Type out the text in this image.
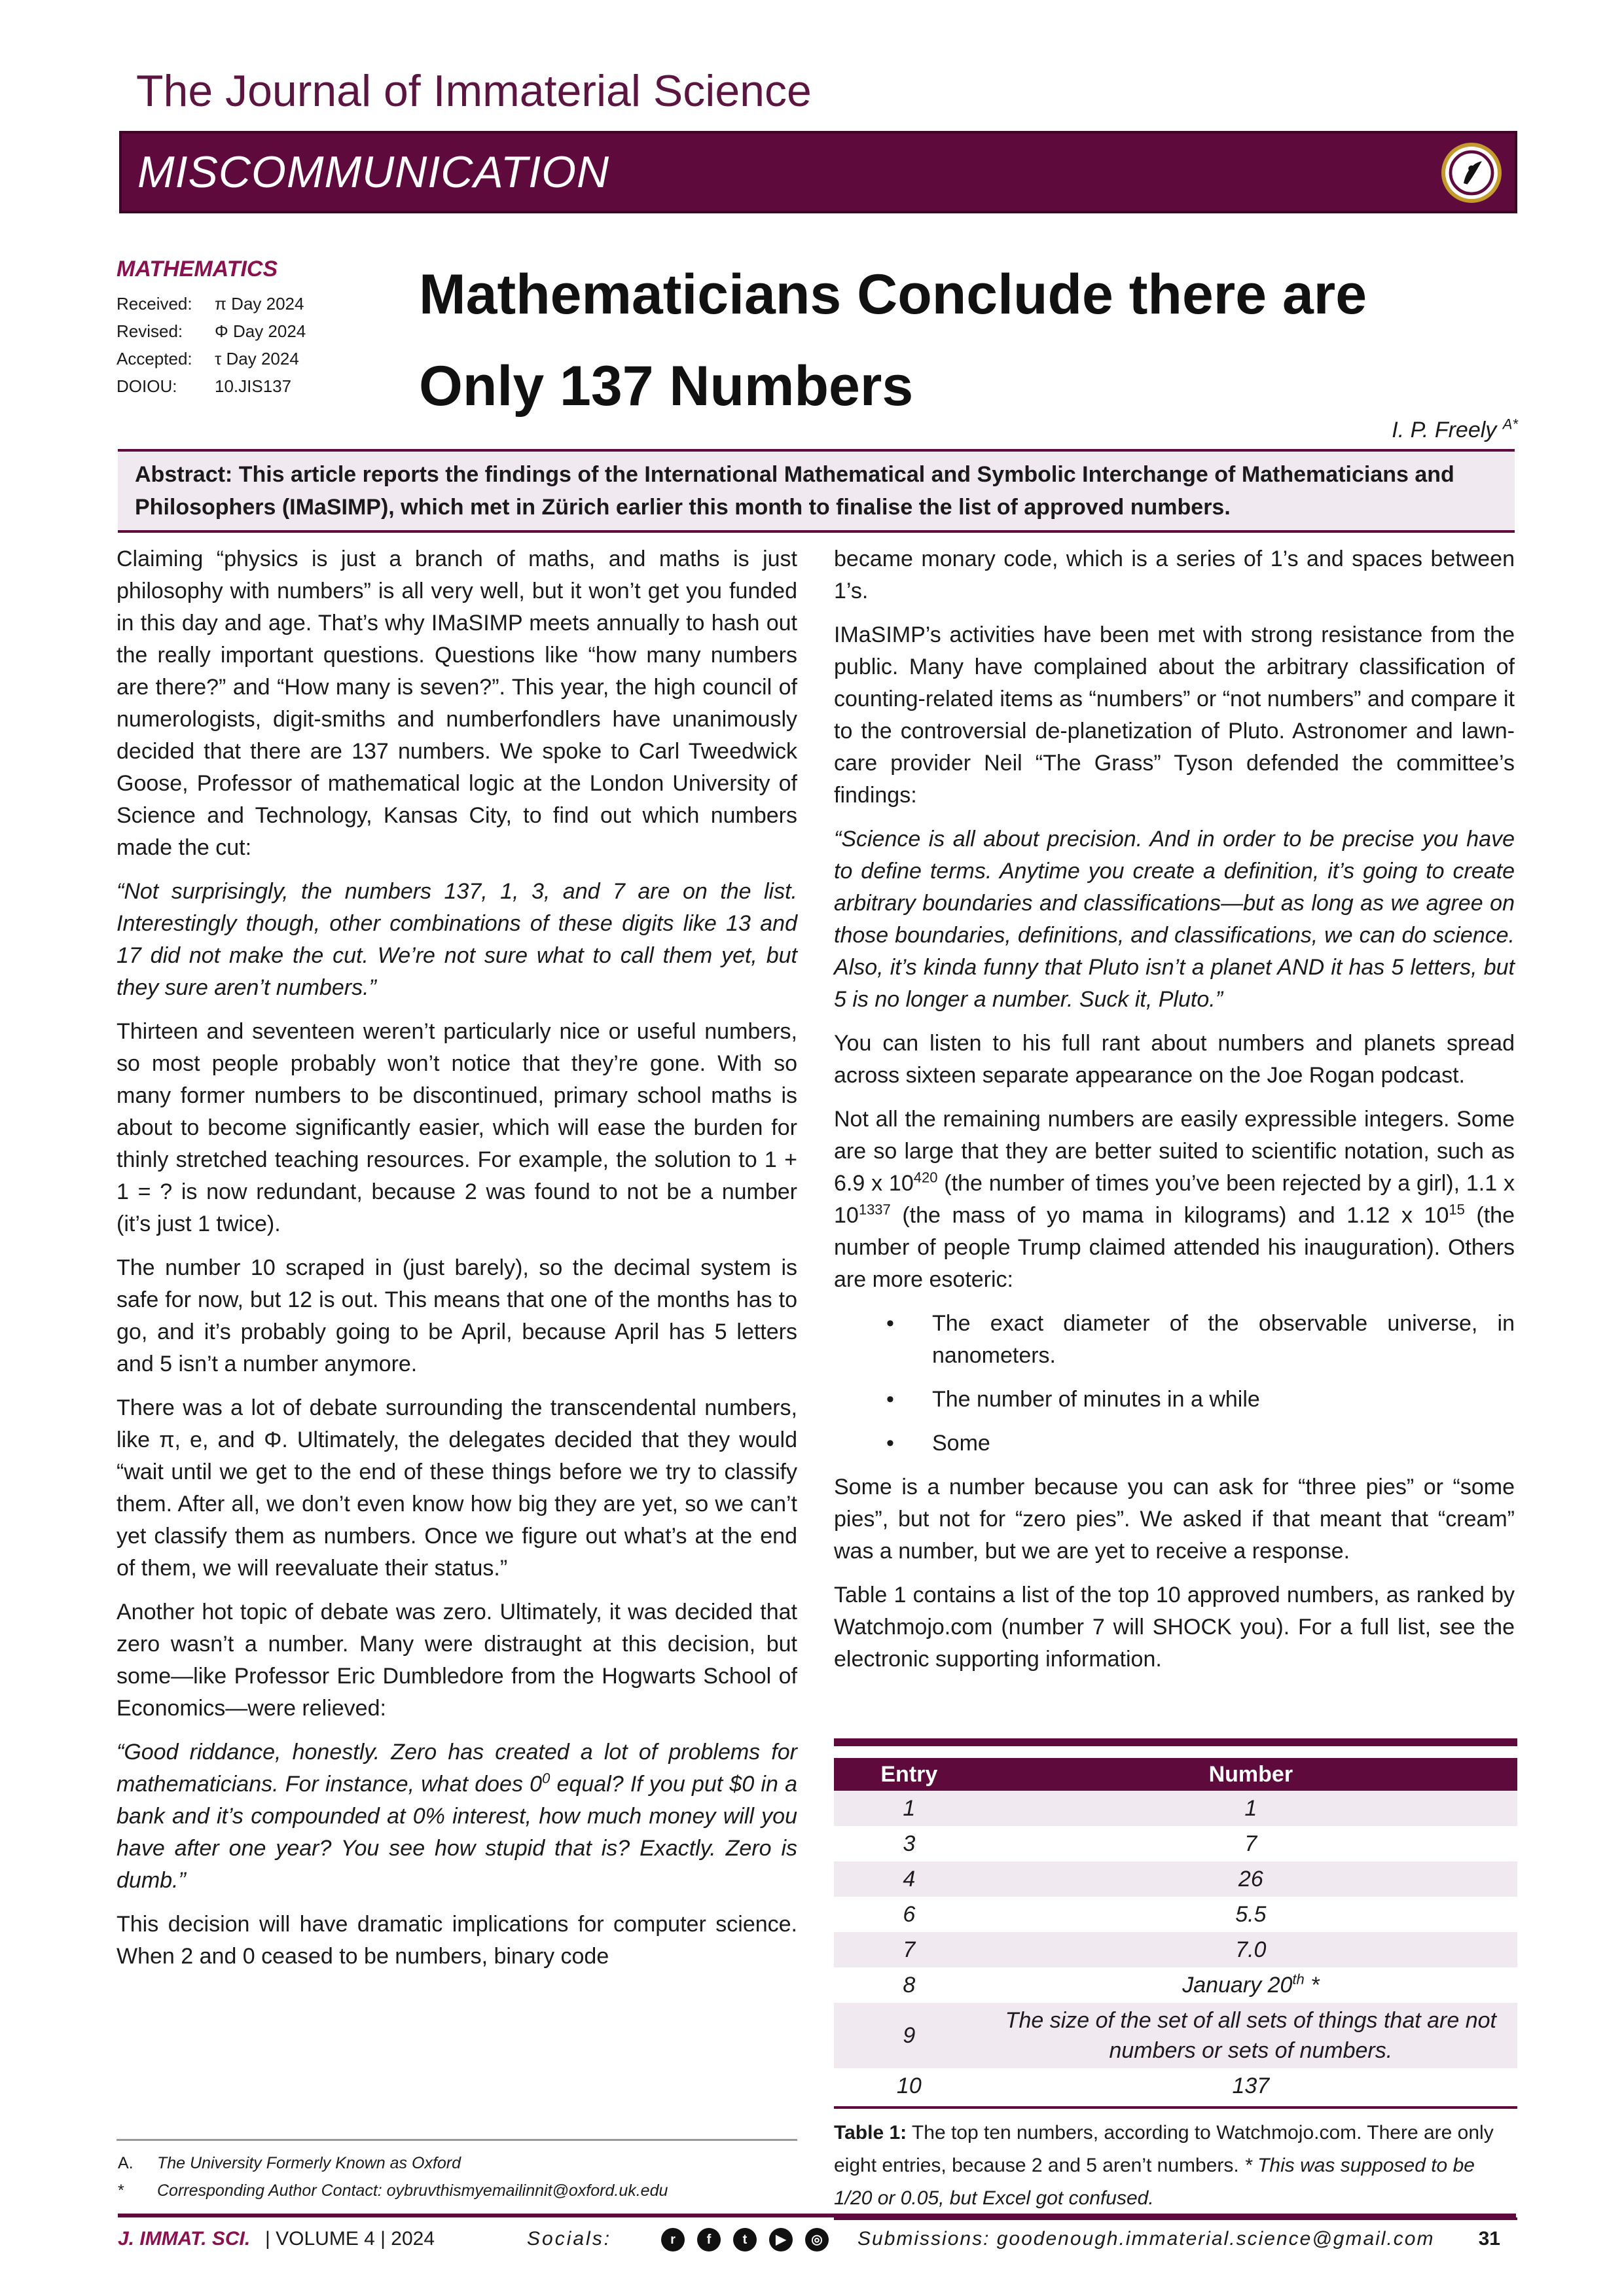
The Journal of Immaterial Science
MISCOMMUNICATION
MATHEMATICS
Received: π Day 2024
Revised: Φ Day 2024
Accepted: τ Day 2024
DOIOU: 10.JIS137
Mathematicians Conclude there are Only 137 Numbers
I. P. Freely $^{A*}$
Abstract: This article reports the findings of the International Mathematical and Symbolic Interchange of Mathematicians and Philosophers (IMaSIMP), which met in Zürich earlier this month to finalise the list of approved numbers.

Claiming “physics is just a branch of maths, and maths is just philosophy with numbers” is all very well, but it won’t get you funded in this day and age. That’s why IMaSIMP meets annually to hash out the really important questions. Questions like “how many numbers are there?” and “How many is seven?”. This year, the high council of numerologists, digit-smiths and numberfondlers have unanimously decided that there are 137 numbers. We spoke to Carl Tweedwick Goose, Professor of mathematical logic at the London University of Science and Technology, Kansas City, to find out which numbers made the cut:

“Not surprisingly, the numbers 137, 1, 3, and 7 are on the list. Interestingly though, other combinations of these digits like 13 and 17 did not make the cut. We’re not sure what to call them yet, but they sure aren’t numbers.”

Thirteen and seventeen weren’t particularly nice or useful numbers, so most people probably won’t notice that they’re gone. With so many former numbers to be discontinued, primary school maths is about to become significantly easier, which will ease the burden for thinly stretched teaching resources. For example, the solution to 1 + 1 = ? is now redundant, because 2 was found to not be a number (it’s just 1 twice).

The number 10 scraped in (just barely), so the decimal system is safe for now, but 12 is out. This means that one of the months has to go, and it’s probably going to be April, because April has 5 letters and 5 isn’t a number anymore.

There was a lot of debate surrounding the transcendental numbers, like π, e, and Φ. Ultimately, the delegates decided that they would “wait until we get to the end of these things before we try to classify them. After all, we don’t even know how big they are yet, so we can’t yet classify them as numbers. Once we figure out what’s at the end of them, we will reevaluate their status.”

Another hot topic of debate was zero. Ultimately, it was decided that zero wasn’t a number. Many were distraught at this decision, but some—like Professor Eric Dumbledore from the Hogwarts School of Economics—were relieved:

“Good riddance, honestly. Zero has created a lot of problems for mathematicians. For instance, what does $0^0$ equal? If you put $0 in a bank and it’s compounded at 0% interest, how much money will you have after one year? You see how stupid that is? Exactly. Zero is dumb.”

This decision will have dramatic implications for computer science. When 2 and 0 ceased to be numbers, binary code

became monary code, which is a series of 1’s and spaces between 1’s.

IMaSIMP’s activities have been met with strong resistance from the public. Many have complained about the arbitrary classification of counting-related items as “numbers” or “not numbers” and compare it to the controversial de-planetization of Pluto. Astronomer and lawn-care provider Neil “The Grass” Tyson defended the committee’s findings:

“Science is all about precision. And in order to be precise you have to define terms. Anytime you create a definition, it’s going to create arbitrary boundaries and classifications—but as long as we agree on those boundaries, definitions, and classifications, we can do science. Also, it’s kinda funny that Pluto isn’t a planet AND it has 5 letters, but 5 is no longer a number. Suck it, Pluto.”

You can listen to his full rant about numbers and planets spread across sixteen separate appearance on the Joe Rogan podcast.

Not all the remaining numbers are easily expressible integers. Some are so large that they are better suited to scientific notation, such as 6.9 x $10^{420}$ (the number of times you’ve been rejected by a girl), 1.1 x $10^{1337}$ (the mass of yo mama in kilograms) and 1.12 x $10^{15}$ (the number of people Trump claimed attended his inauguration). Others are more esoteric:

• The exact diameter of the observable universe, in nanometers.
• The number of minutes in a while
• Some

Some is a number because you can ask for “three pies” or “some pies”, but not for “zero pies”. We asked if that meant that “cream” was a number, but we are yet to receive a response.

Table 1 contains a list of the top 10 approved numbers, as ranked by Watchmojo.com (number 7 will SHOCK you). For a full list, see the electronic supporting information.

Entry	Number
1	1
3	7
4	26
6	5.5
7	7.0
8	January 20th *
9	The size of the set of all sets of things that are not numbers or sets of numbers.
10	137
Table 1: The top ten numbers, according to Watchmojo.com. There are only eight entries, because 2 and 5 aren’t numbers. * This was supposed to be 1/20 or 0.05, but Excel got confused.
A. The University Formerly Known as Oxford
* Corresponding Author Contact: oybruvthismyemailinnit@oxford.uk.edu
J. IMMAT. SCI. | VOLUME 4 | 2024	Socials:	r	f	t	▶	◎	Submissions: goodenough.immaterial.science@gmail.com 31
